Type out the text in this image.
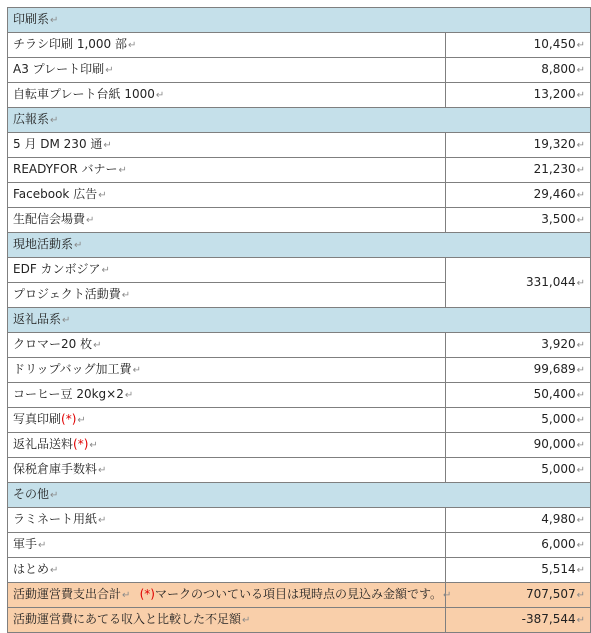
印刷系↵	
チラシ印刷 1,000 部↵	10,450↵
A3 プレート印刷↵	8,800↵
自転車プレート台紙 1000↵	13,200↵
広報系↵	
5 月 DM 230 通↵	19,320↵
READYFOR バナー↵	21,230↵
Facebook 広告↵	29,460↵
生配信会場費↵	3,500↵
現地活動系↵	
EDF カンボジア↵	331,044↵
プロジェクト活動費↵	
返礼品系↵	
クロマー20 枚↵	3,920↵
ドリップバッグ加工費↵	99,689↵
コーヒー豆 20kg×2↵	50,400↵
写真印刷(*)↵	5,000↵
返礼品送料(*)↵	90,000↵
保税倉庫手数料↵	5,000↵
その他↵	
ラミネート用紙↵	4,980↵
軍手↵	6,000↵
はとめ↵	5,514↵
活動運営費支出合計↵	707,507↵
活動運営費にあてる収入と比較した不足額↵	-387,544↵
(*)マークのついている項目は現時点の見込み金額です。↵
